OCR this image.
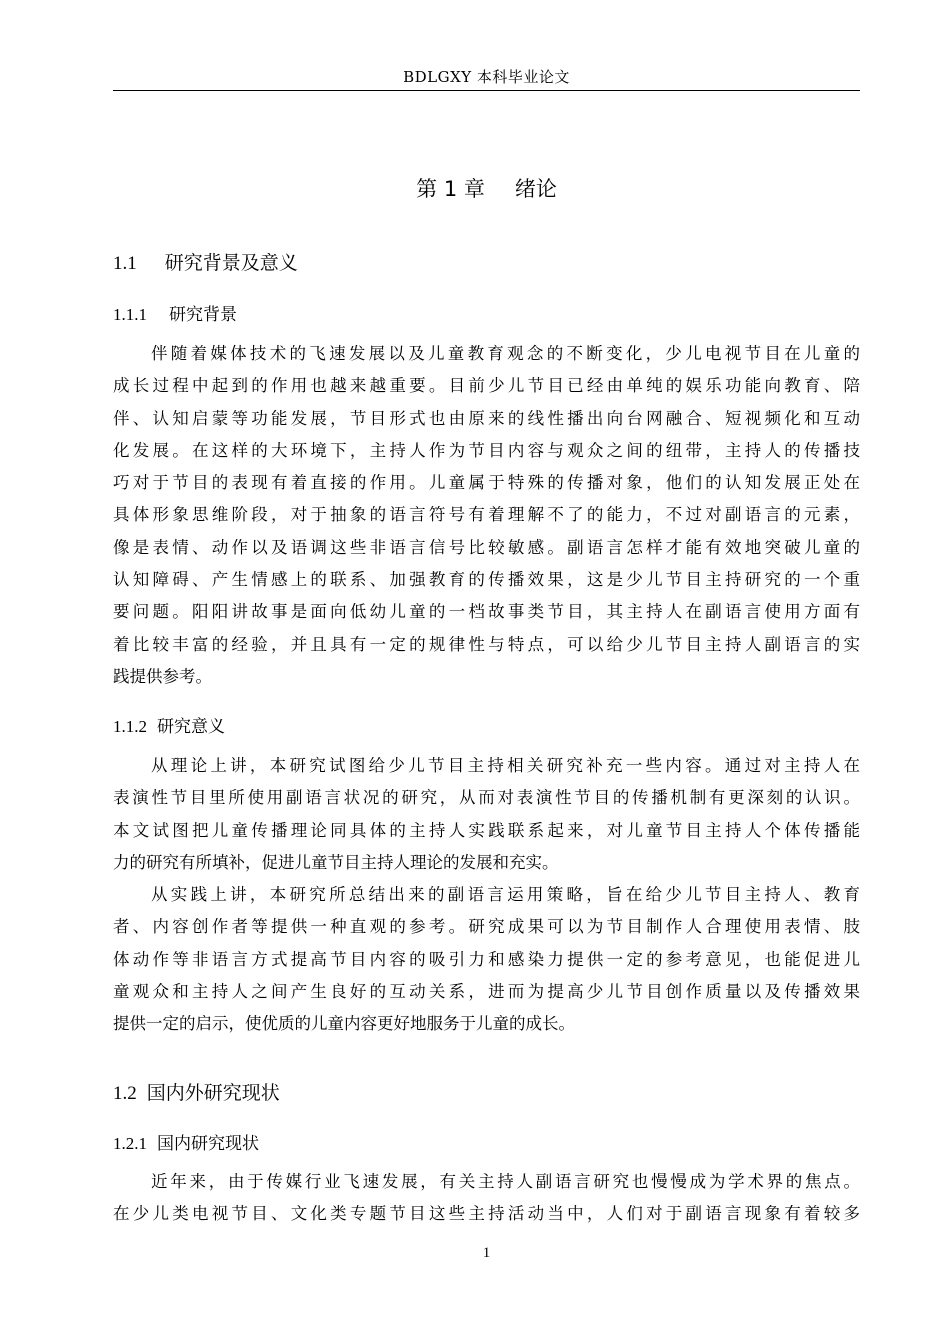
BDLGXY 本科毕业论文
第 1 章 绪论
1.1 研究背景及意义
1.1.1 研究背景
伴随着媒体技术的飞速发展以及儿童教育观念的不断变化，少儿电视节目在儿童的
成长过程中起到的作用也越来越重要。目前少儿节目已经由单纯的娱乐功能向教育、陪
伴、认知启蒙等功能发展，节目形式也由原来的线性播出向台网融合、短视频化和互动
化发展。在这样的大环境下，主持人作为节目内容与观众之间的纽带，主持人的传播技
巧对于节目的表现有着直接的作用。儿童属于特殊的传播对象，他们的认知发展正处在
具体形象思维阶段，对于抽象的语言符号有着理解不了的能力，不过对副语言的元素，
像是表情、动作以及语调这些非语言信号比较敏感。副语言怎样才能有效地突破儿童的
认知障碍、产生情感上的联系、加强教育的传播效果，这是少儿节目主持研究的一个重
要问题。阳阳讲故事是面向低幼儿童的一档故事类节目，其主持人在副语言使用方面有
着比较丰富的经验，并且具有一定的规律性与特点，可以给少儿节目主持人副语言的实
践提供参考。
1.1.2 研究意义
从理论上讲，本研究试图给少儿节目主持相关研究补充一些内容。通过对主持人在
表演性节目里所使用副语言状况的研究，从而对表演性节目的传播机制有更深刻的认识。
本文试图把儿童传播理论同具体的主持人实践联系起来，对儿童节目主持人个体传播能
力的研究有所填补，促进儿童节目主持人理论的发展和充实。
从实践上讲，本研究所总结出来的副语言运用策略，旨在给少儿节目主持人、教育
者、内容创作者等提供一种直观的参考。研究成果可以为节目制作人合理使用表情、肢
体动作等非语言方式提高节目内容的吸引力和感染力提供一定的参考意见，也能促进儿
童观众和主持人之间产生良好的互动关系，进而为提高少儿节目创作质量以及传播效果
提供一定的启示，使优质的儿童内容更好地服务于儿童的成长。
1.2 国内外研究现状
1.2.1 国内研究现状
近年来，由于传媒行业飞速发展，有关主持人副语言研究也慢慢成为学术界的焦点。
在少儿类电视节目、文化类专题节目这些主持活动当中，人们对于副语言现象有着较多
1
